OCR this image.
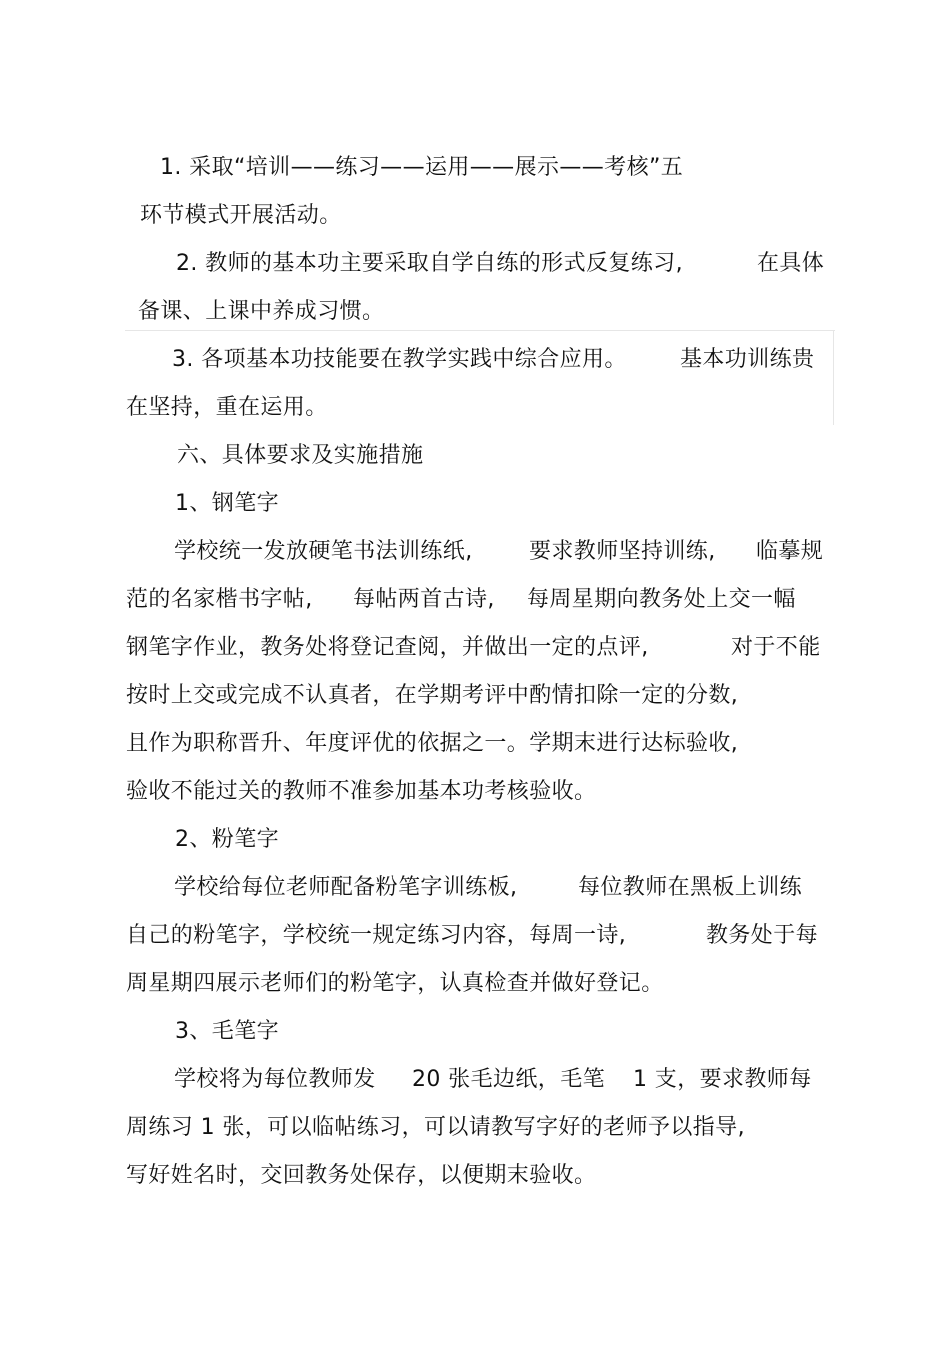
1. 采取“培训——练习——运用——展示——考核”五
环节模式开展活动。
2. 教师的基本功主要采取自学自练的形式反复练习,	在具体
备课、上课中养成习惯。
3. 各项基本功技能要在教学实践中综合应用。 基本功训练贵
在坚持，重在运用。
六、具体要求及实施措施
1、钢笔字
学校统一发放硬笔书法训练纸,	要求教师坚持训练, 临摹规
范的名家楷书字帖, 每帖两首古诗, 每周星期向教务处上交一幅
钢笔字作业，教务处将登记查阅，并做出一定的点评,	对于不能
按时上交或完成不认真者，在学期考评中酌情扣除一定的分数,
且作为职称晋升、年度评优的依据之一。学期末进行达标验收,
验收不能过关的教师不准参加基本功考核验收。
2、粉笔字
学校给每位老师配备粉笔字训练板,	每位教师在黑板上训练
自己的粉笔字，学校统一规定练习内容，每周一诗,	教务处于每
周星期四展示老师们的粉笔字，认真检查并做好登记。
3、毛笔字
学校将为每位教师发 20 张毛边纸，毛笔 1 支，要求教师每
周练习 1 张，可以临帖练习，可以请教写字好的老师予以指导,
写好姓名时，交回教务处保存，以便期末验收。
